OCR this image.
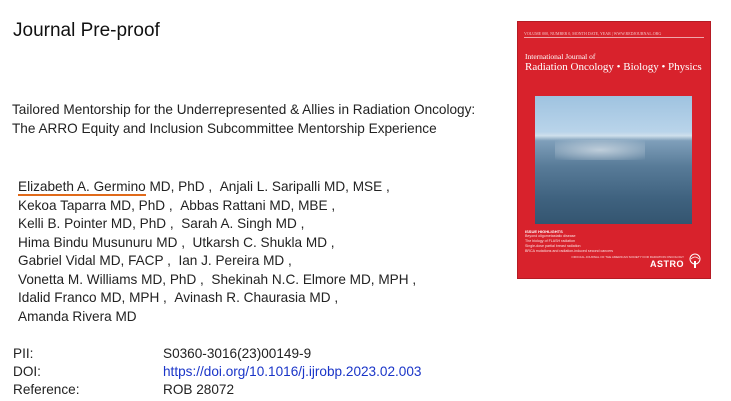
Journal Pre-proof
Tailored Mentorship for the Underrepresented & Allies in Radiation Oncology: The ARRO Equity and Inclusion Subcommittee Mentorship Experience
Elizabeth A. Germino MD, PhD , Anjali L. Saripalli MD, MSE ,
Kekoa Taparra MD, PhD , Abbas Rattani MD, MBE ,
Kelli B. Pointer MD, PhD , Sarah A. Singh MD ,
Hima Bindu Musunuru MD , Utkarsh C. Shukla MD ,
Gabriel Vidal MD, FACP , Ian J. Pereira MD ,
Vonetta M. Williams MD, PhD , Shekinah N.C. Elmore MD, MPH ,
Idalid Franco MD, MPH , Avinash R. Chaurasia MD ,
Amanda Rivera MD
PII:	S0360-3016(23)00149-9
DOI:	https://doi.org/10.1016/j.ijrobp.2023.02.003
Reference:	ROB 28072
VOLUME 000, NUMBER 0, MONTH DATE, YEAR | WWW.REDJOURNAL.ORG
International Journal of
Radiation Oncology • Biology • Physics
ISSUE HIGHLIGHTS
Beyond oligometastatic disease
The biology of FLASH radiation
Single-dose partial breast radiation
BRCA mutations and radiation-induced second cancers
OFFICIAL JOURNAL OF THE AMERICAN SOCIETY FOR RADIATION ONCOLOGY
ASTRO
